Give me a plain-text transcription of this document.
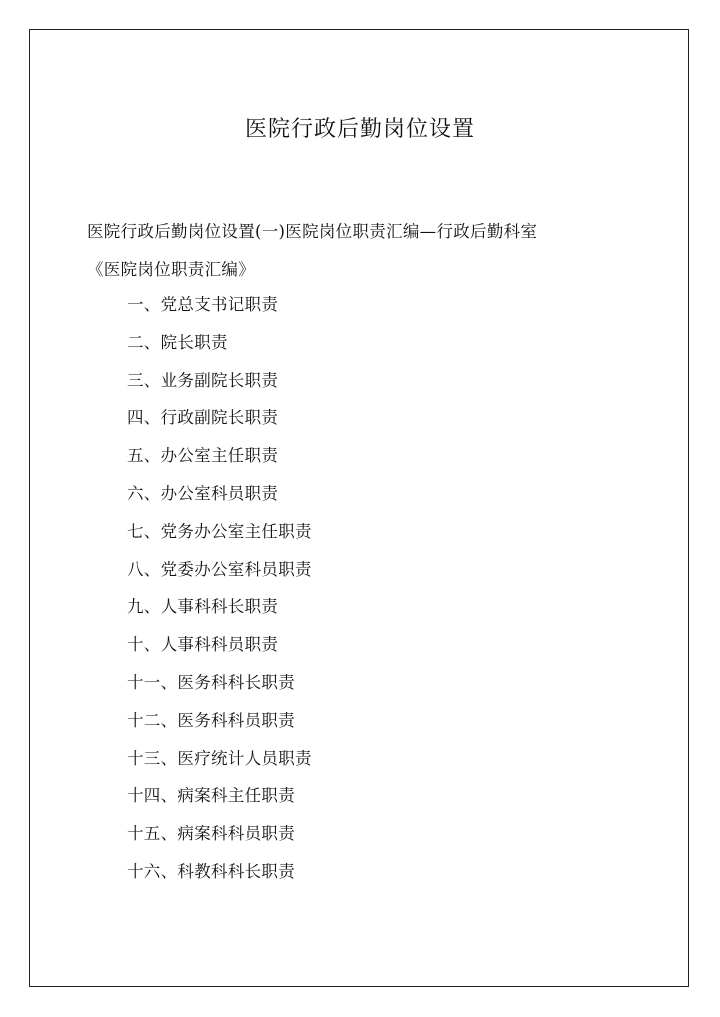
医院行政后勤岗位设置
医院行政后勤岗位设置(一)医院岗位职责汇编—行政后勤科室
《医院岗位职责汇编》
一、党总支书记职责
二、院长职责
三、业务副院长职责
四、行政副院长职责
五、办公室主任职责
六、办公室科员职责
七、党务办公室主任职责
八、党委办公室科员职责
九、人事科科长职责
十、人事科科员职责
十一、医务科科长职责
十二、医务科科员职责
十三、医疗统计人员职责
十四、病案科主任职责
十五、病案科科员职责
十六、科教科科长职责
